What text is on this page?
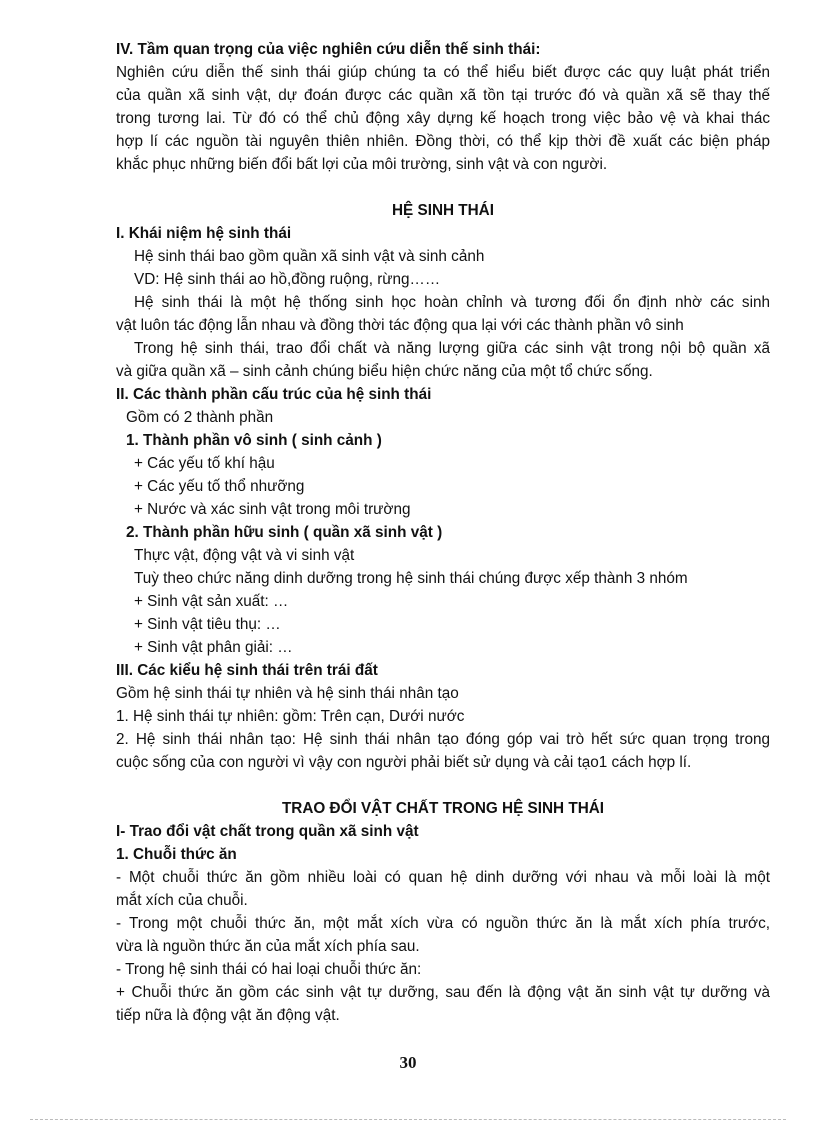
IV. Tầm quan trọng của việc nghiên cứu diễn thế sinh thái:
Nghiên cứu diễn thế sinh thái giúp chúng ta có thể hiểu biết được các quy luật phát triển
của quần xã sinh vật, dự đoán được các quần xã tồn tại trước đó và quần xã sẽ thay thế
trong tương lai. Từ đó có thể chủ động xây dựng kế hoạch trong việc bảo vệ và khai thác
hợp lí các nguồn tài nguyên thiên nhiên. Đồng thời, có thể kịp thời đề xuất các biện pháp
khắc phục những biến đổi bất lợi của môi trường, sinh vật và con người.
HỆ SINH THÁI
I. Khái niệm hệ sinh thái
Hệ sinh thái bao gồm quần xã sinh vật và sinh cảnh
VD: Hệ sinh thái ao hồ,đồng ruộng, rừng……
Hệ sinh thái là một hệ thống sinh học hoàn chỉnh và tương đối ổn định nhờ các sinh
vật luôn tác động lẫn nhau và đồng thời tác động qua lại với các thành phần vô sinh
Trong hệ sinh thái, trao đổi chất và năng lượng giữa các sinh vật trong nội bộ quần xã
và giữa quần xã – sinh cảnh chúng biểu hiện chức năng của một tổ chức sống.
II. Các thành phần cấu trúc của hệ sinh thái
Gồm có 2 thành phần
1. Thành phần vô sinh ( sinh cảnh )
+ Các yếu tố khí hậu
+ Các yếu tố thổ nhưỡng
+ Nước và xác sinh vật trong môi trường
2. Thành phần hữu sinh ( quần xã sinh vật )
Thực vật, động vật và vi sinh vật
Tuỳ theo chức năng dinh dưỡng trong hệ sinh thái chúng được xếp thành 3 nhóm
+ Sinh vật sản xuất: …
+ Sinh vật tiêu thụ: …
+ Sinh vật phân giải: …
III. Các kiểu hệ sinh thái trên trái đất
Gồm hệ sinh thái tự nhiên và hệ sinh thái nhân tạo
1. Hệ sinh thái tự nhiên: gồm: Trên cạn, Dưới nước
2. Hệ sinh thái nhân tạo: Hệ sinh thái nhân tạo đóng góp vai trò hết sức quan trọng trong
cuộc sống của con người vì vậy con người phải biết sử dụng và cải tạo1 cách hợp lí.
TRAO ĐỔI VẬT CHẤT TRONG HỆ SINH THÁI
I- Trao đổi vật chất trong quần xã sinh vật
1. Chuỗi thức ăn
- Một chuỗi thức ăn gồm nhiều loài có quan hệ dinh dưỡng với nhau và mỗi loài là một
mắt xích của chuỗi.
- Trong một chuỗi thức ăn, một mắt xích vừa có nguồn thức ăn là mắt xích phía trước,
vừa là nguồn thức ăn của mắt xích phía sau.
- Trong hệ sinh thái có hai loại chuỗi thức ăn:
+ Chuỗi thức ăn gồm các sinh vật tự dưỡng, sau đến là động vật ăn sinh vật tự dưỡng và
tiếp nữa là động vật ăn động vật.
30
